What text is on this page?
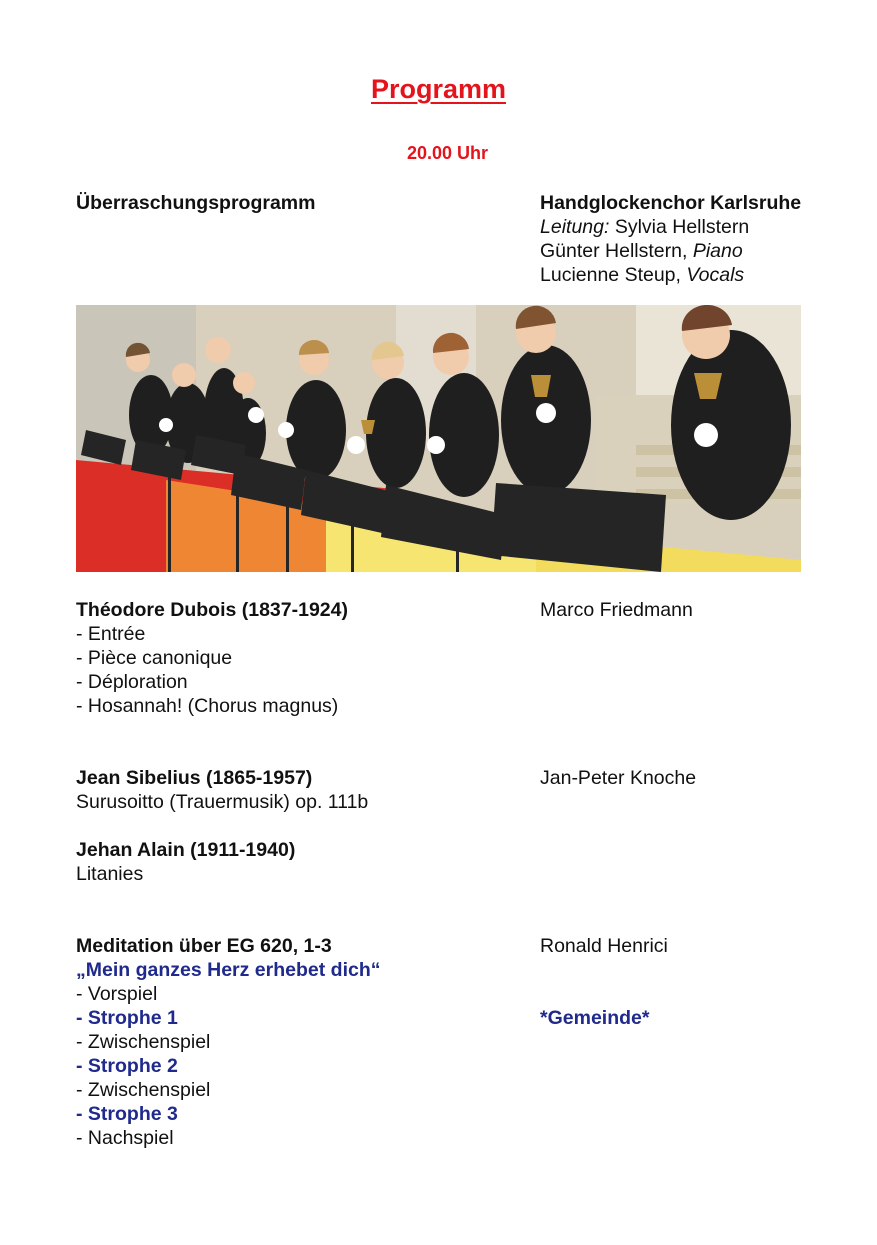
Programm
20.00 Uhr
Überraschungsprogramm	Handglockenchor Karlsruhe
Leitung: Sylvia Hellstern
Günter Hellstern, Piano
Lucienne Steup, Vocals
Théodore Dubois (1837-1924)	Marco Friedmann
- Entrée
- Pièce canonique
- Déploration
- Hosannah! (Chorus magnus)
Jean Sibelius (1865-1957)	Jan-Peter Knoche
Surusoitto (Trauermusik) op. 111b
Jehan Alain (1911-1940)
Litanies
Meditation über EG 620, 1-3	Ronald Henrici
„Mein ganzes Herz erhebet dich“
- Vorspiel
- Strophe 1	*Gemeinde*
- Zwischenspiel
- Strophe 2
- Zwischenspiel
- Strophe 3
- Nachspiel
